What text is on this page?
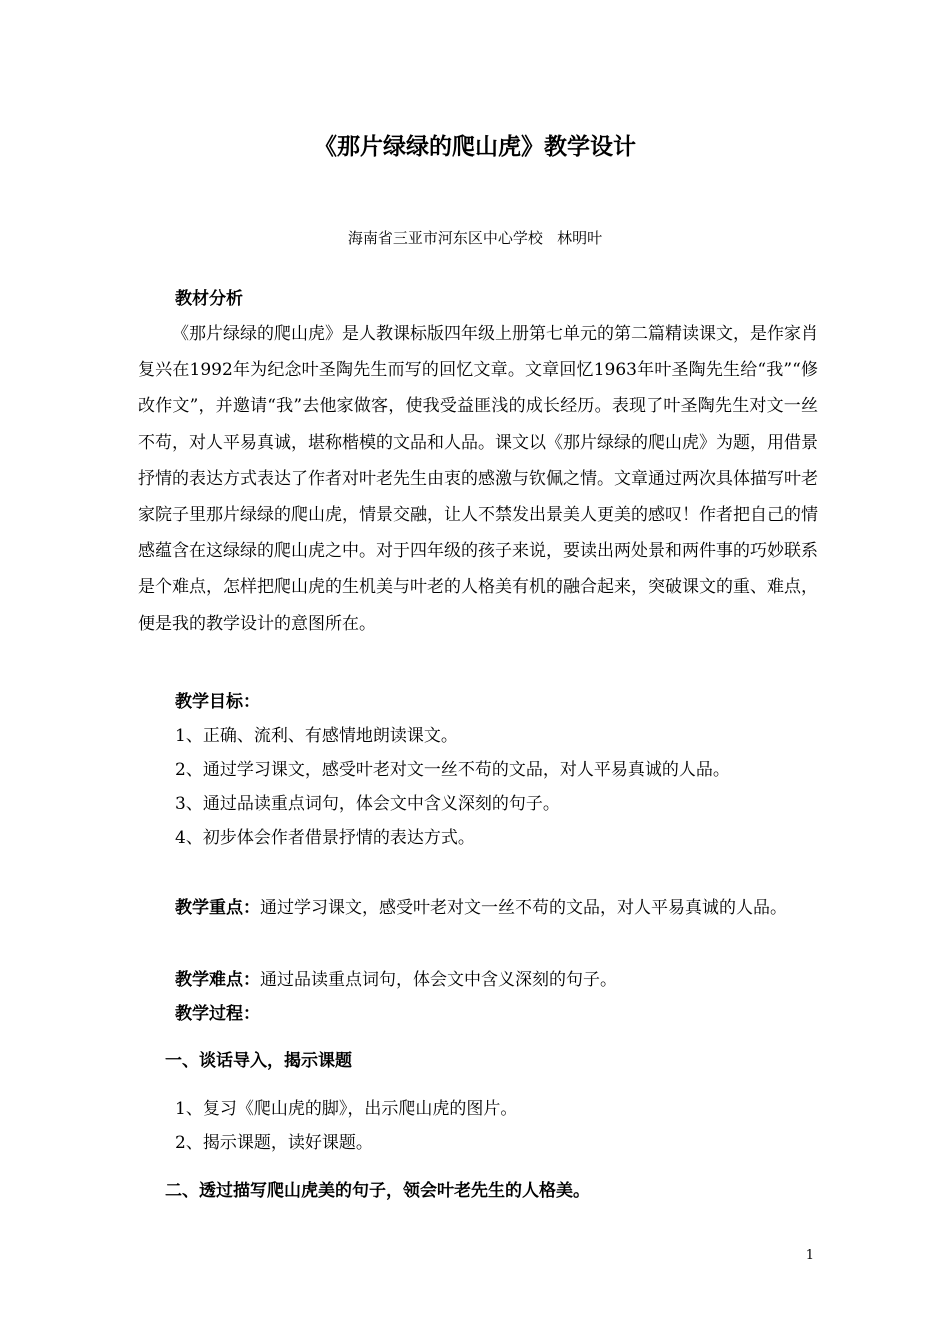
《那片绿绿的爬山虎》教学设计
海南省三亚市河东区中心学校   林明叶
教材分析

《那片绿绿的爬山虎》是人教课标版四年级上册第七单元的第二篇精读课文，是作家肖复兴在1992年为纪念叶圣陶先生而写的回忆文章。文章回忆1963年叶圣陶先生给“我”“修改作文”，并邀请“我”去他家做客，使我受益匪浅的成长经历。表现了叶圣陶先生对文一丝不苟，对人平易真诚，堪称楷模的文品和人品。课文以《那片绿绿的爬山虎》为题，用借景抒情的表达方式表达了作者对叶老先生由衷的感激与钦佩之情。文章通过两次具体描写叶老家院子里那片绿绿的爬山虎，情景交融，让人不禁发出景美人更美的感叹！作者把自己的情感蕴含在这绿绿的爬山虎之中。对于四年级的孩子来说，要读出两处景和两件事的巧妙联系是个难点，怎样把爬山虎的生机美与叶老的人格美有机的融合起来，突破课文的重、难点，便是我的教学设计的意图所在。

教学目标：
1、正确、流利、有感情地朗读课文。
2、通过学习课文，感受叶老对文一丝不苟的文品，对人平易真诚的人品。
3、通过品读重点词句，体会文中含义深刻的句子。
4、初步体会作者借景抒情的表达方式。

教学重点：通过学习课文，感受叶老对文一丝不苟的文品，对人平易真诚的人品。

教学难点：通过品读重点词句，体会文中含义深刻的句子。
教学过程：
一、谈话导入，揭示课题
1、复习《爬山虎的脚》，出示爬山虎的图片。
2、揭示课题，读好课题。
二、透过描写爬山虎美的句子，领会叶老先生的人格美。
1
